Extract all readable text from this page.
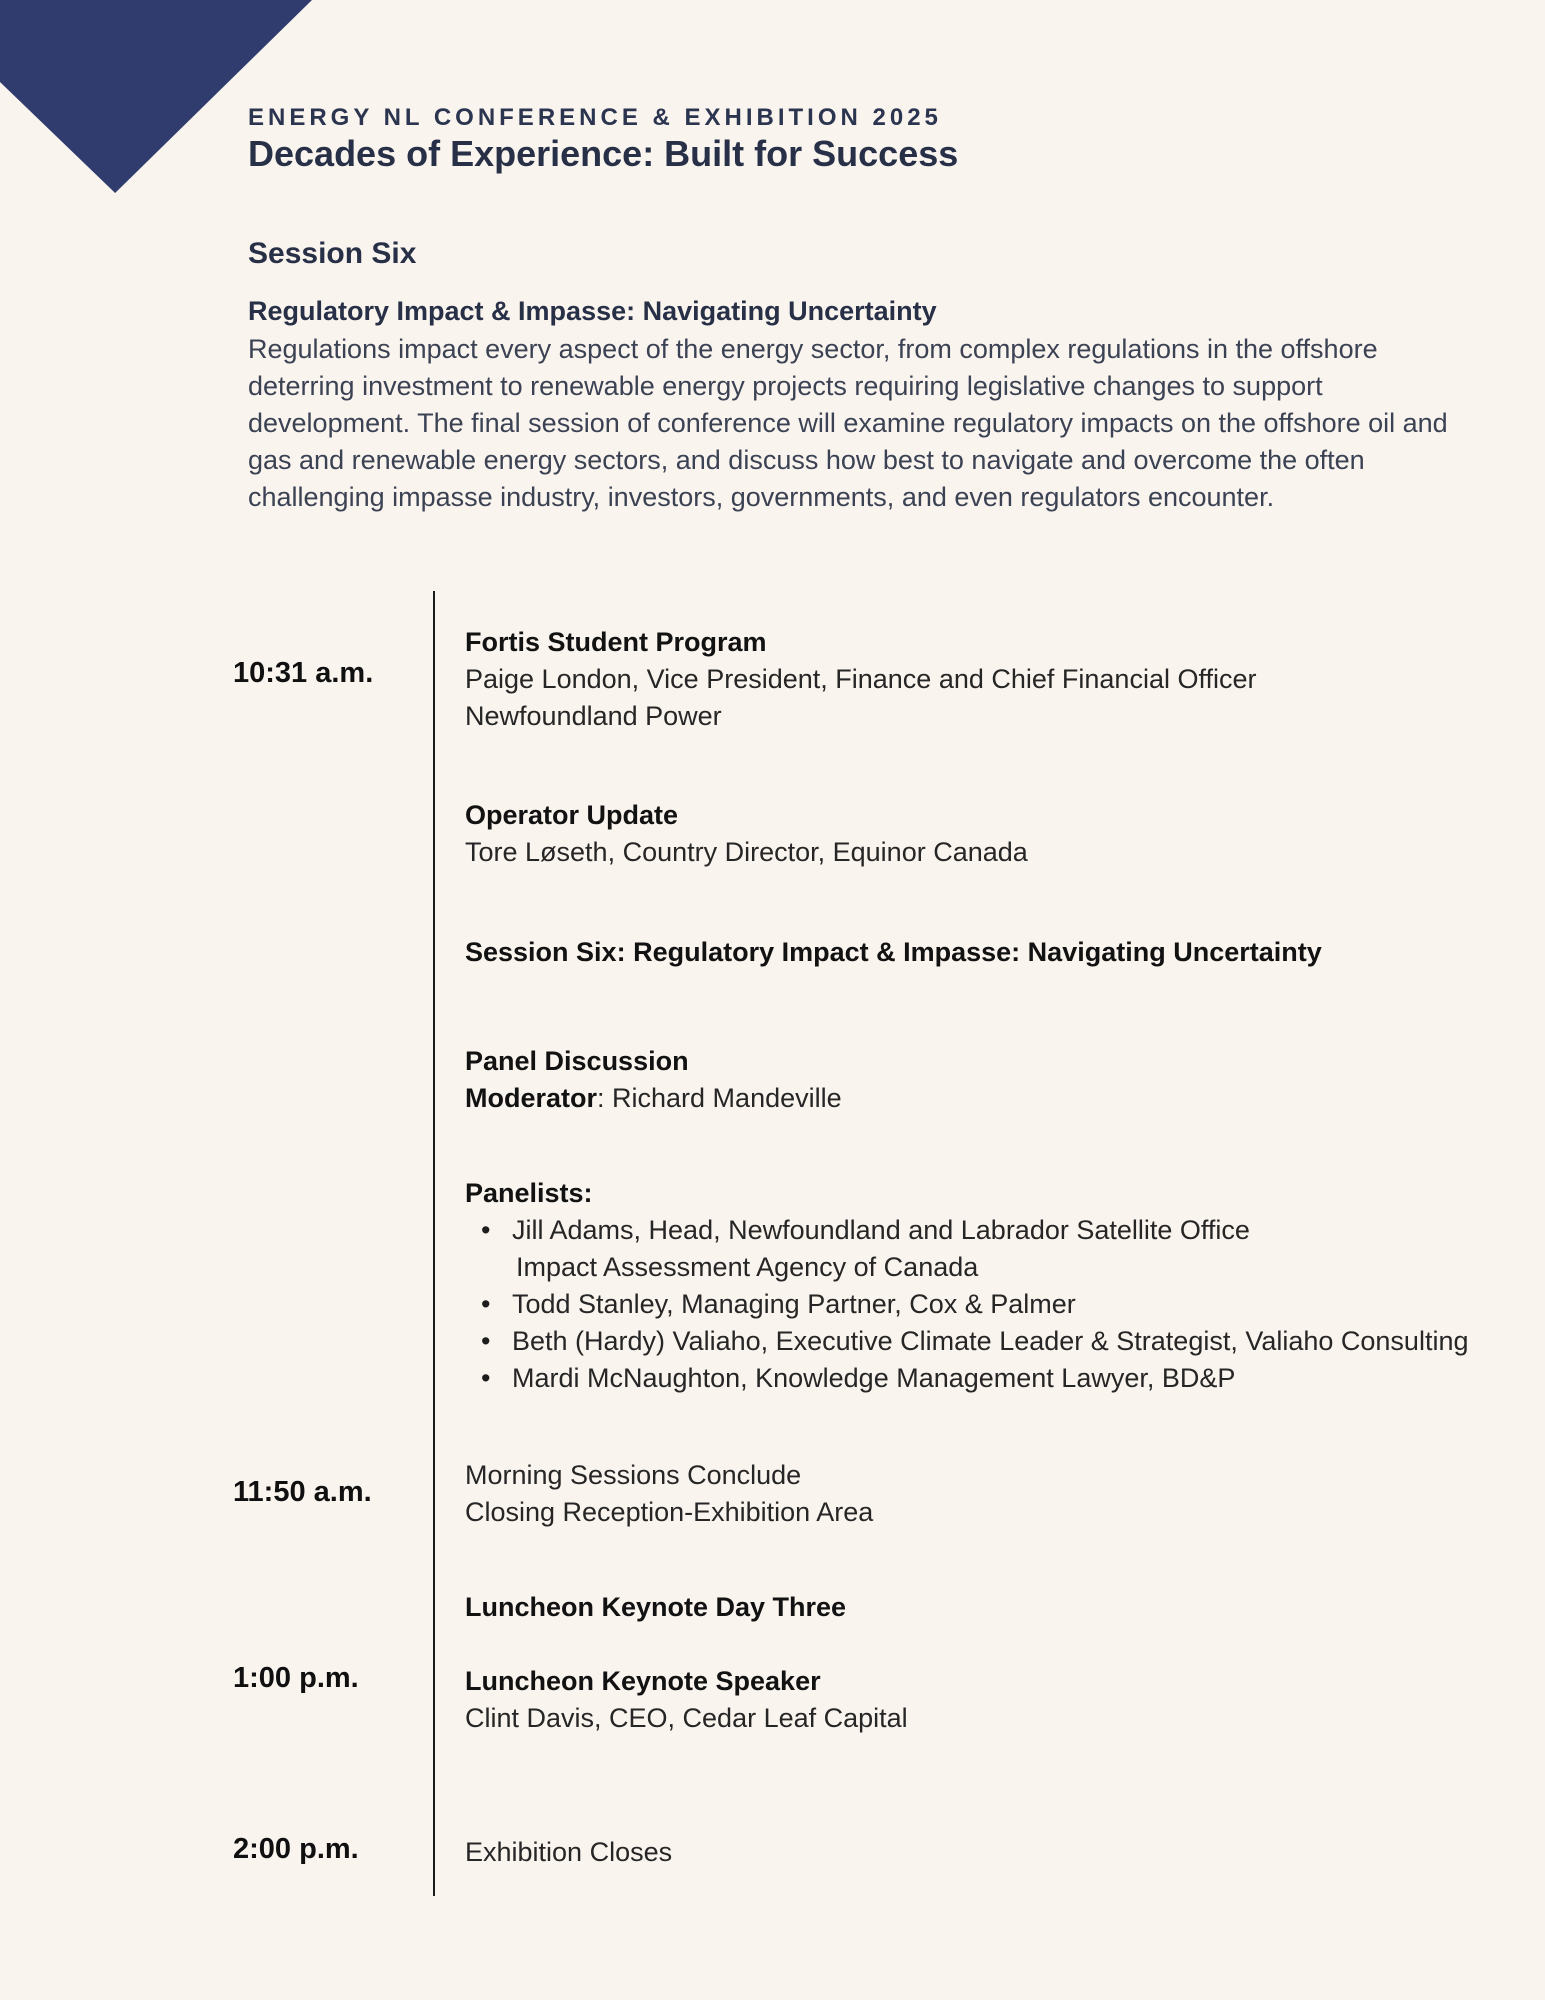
ENERGY NL CONFERENCE & EXHIBITION 2025
Decades of Experience: Built for Success
Session Six
Regulatory Impact & Impasse: Navigating Uncertainty

Regulations impact every aspect of the energy sector, from complex regulations in the offshore deterring investment to renewable energy projects requiring legislative changes to support development. The final session of conference will examine regulatory impacts on the offshore oil and gas and renewable energy sectors, and discuss how best to navigate and overcome the often challenging impasse industry, investors, governments, and even regulators encounter.

10:31 a.m.
11:50 a.m.
1:00 p.m.
2:00 p.m.
Fortis Student Program
Paige London, Vice President, Finance and Chief Financial Officer
Newfoundland Power
Operator Update
Tore Løseth, Country Director, Equinor Canada
Session Six: Regulatory Impact & Impasse: Navigating Uncertainty
Panel Discussion
Moderator: Richard Mandeville
Panelists:
• Jill Adams, Head, Newfoundland and Labrador Satellite Office
Impact Assessment Agency of Canada
• Todd Stanley, Managing Partner, Cox & Palmer
• Beth (Hardy) Valiaho, Executive Climate Leader & Strategist, Valiaho Consulting
• Mardi McNaughton, Knowledge Management Lawyer, BD&P
Morning Sessions Conclude
Closing Reception-Exhibition Area
Luncheon Keynote Day Three
Luncheon Keynote Speaker
Clint Davis, CEO, Cedar Leaf Capital
Exhibition Closes
